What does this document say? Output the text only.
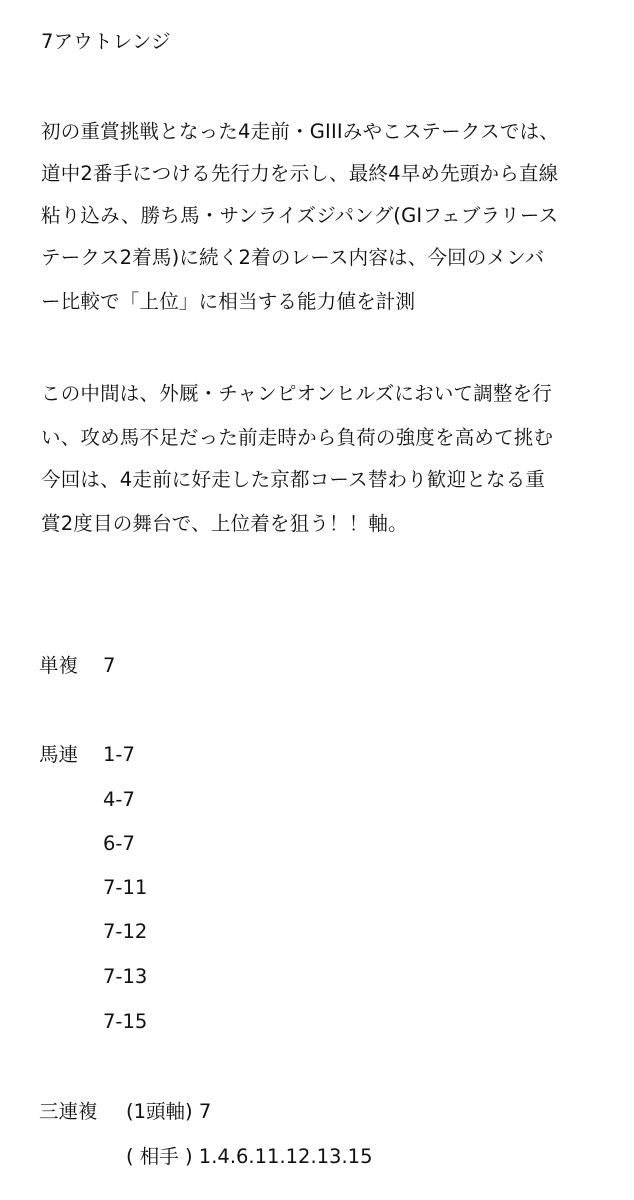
7アウトレンジ

初の重賞挑戦となった4走前・GIIIみやこステークスでは、

道中2番手につける先行力を示し、最終4早め先頭から直線

粘り込み、勝ち馬・サンライズジパング(GIフェブラリース

テークス2着馬)に続く2着のレース内容は、今回のメンバ

ー比較で「上位」に相当する能力値を計測

この中間は、外厩・チャンピオンヒルズにおいて調整を行

い、攻め馬不足だった前走時から負荷の強度を高めて挑む

今回は、4走前に好走した京都コース替わり歓迎となる重

賞2度目の舞台で、上位着を狙う！！軸。

単複 7

馬連 1-7

4-7

6-7

7-11

7-12

7-13

7-15

三連複 (1頭軸) 7

( 相手 ) 1.4.6.11.12.13.15
